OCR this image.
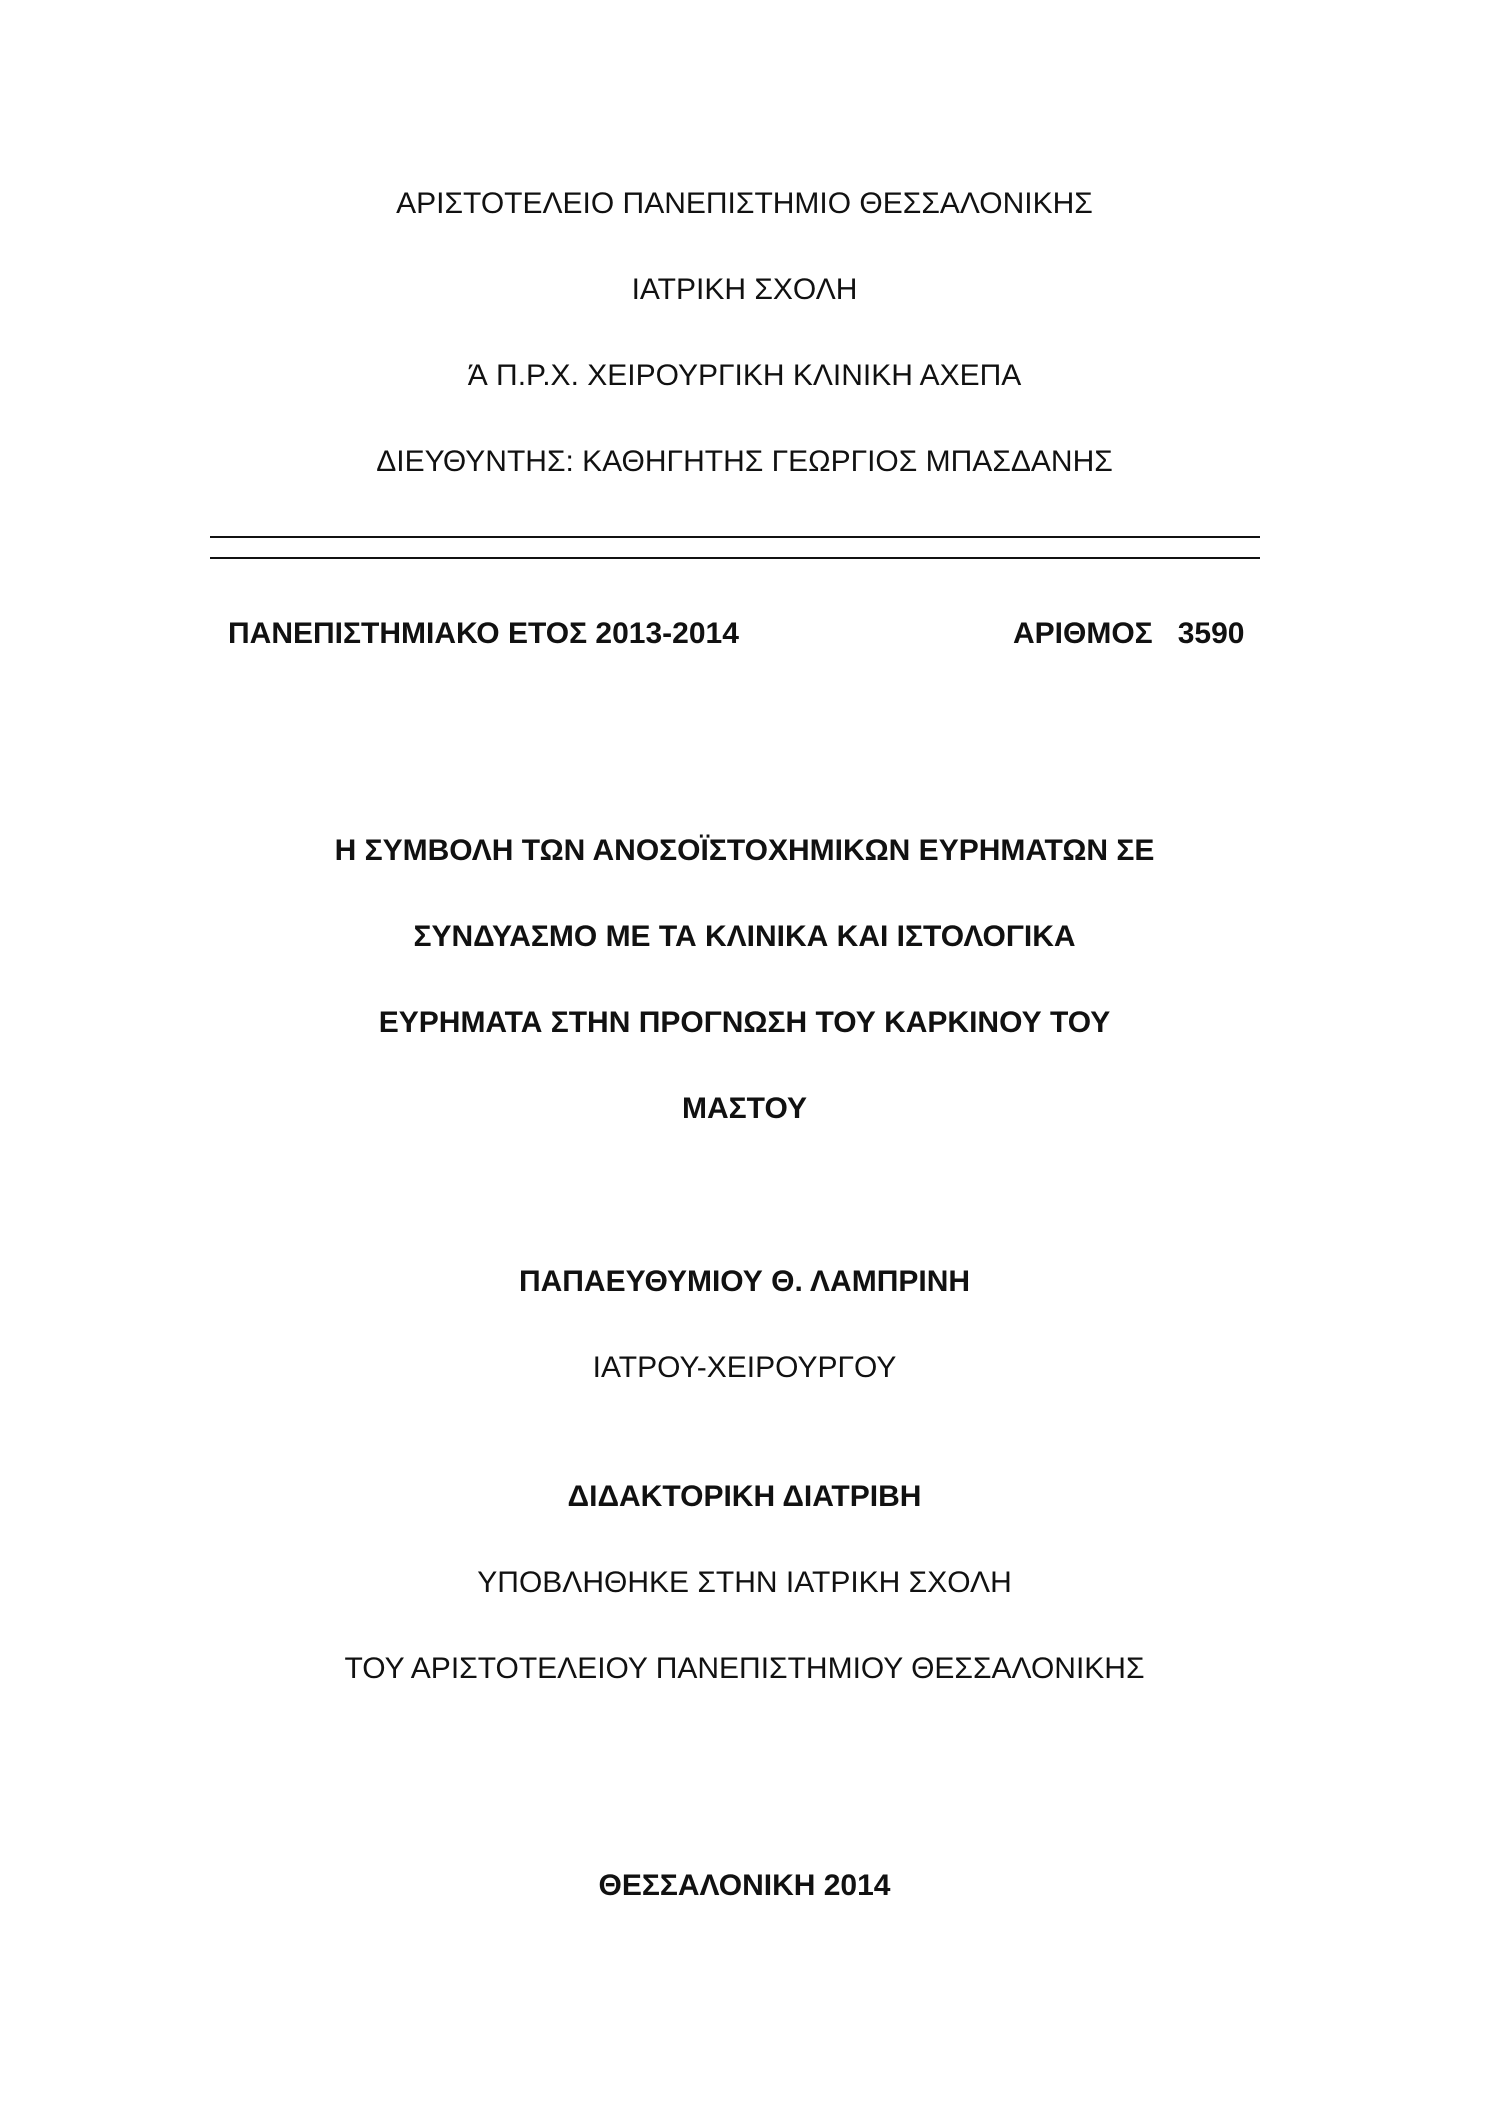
ΑΡΙΣΤΟΤΕΛΕΙΟ ΠΑΝΕΠΙΣΤΗΜΙΟ ΘΕΣΣΑΛΟΝΙΚΗΣ
ΙΑΤΡΙΚΗ ΣΧΟΛΗ
Ά Π.Ρ.Χ. ΧΕΙΡΟΥΡΓΙΚΗ ΚΛΙΝΙΚΗ ΑΧΕΠΑ
ΔΙΕΥΘΥΝΤΗΣ: ΚΑΘΗΓΗΤΗΣ ΓΕΩΡΓΙΟΣ ΜΠΑΣΔΑΝΗΣ
ΠΑΝΕΠΙΣΤΗΜΙΑΚΟ ΕΤΟΣ 2013-2014	ΑΡΙΘΜΟΣ 3590
Η ΣΥΜΒΟΛΗ ΤΩΝ ΑΝΟΣΟΪΣΤΟΧΗΜΙΚΩΝ ΕΥΡΗΜΑΤΩΝ ΣΕ
ΣΥΝΔΥΑΣΜΟ ΜΕ ΤΑ ΚΛΙΝΙΚΑ ΚΑΙ ΙΣΤΟΛΟΓΙΚΑ
ΕΥΡΗΜΑΤΑ ΣΤΗΝ ΠΡΟΓΝΩΣΗ ΤΟΥ ΚΑΡΚΙΝΟΥ ΤΟΥ
ΜΑΣΤΟΥ
ΠΑΠΑΕΥΘΥΜΙΟΥ Θ. ΛΑΜΠΡΙΝΗ
ΙΑΤΡΟΥ-ΧΕΙΡΟΥΡΓΟΥ
ΔΙΔΑΚΤΟΡΙΚΗ ΔΙΑΤΡΙΒΗ
ΥΠΟΒΛΗΘΗΚΕ ΣΤΗΝ ΙΑΤΡΙΚΗ ΣΧΟΛΗ
ΤΟΥ ΑΡΙΣΤΟΤΕΛΕΙΟΥ ΠΑΝΕΠΙΣΤΗΜΙΟΥ ΘΕΣΣΑΛΟΝΙΚΗΣ
ΘΕΣΣΑΛΟΝΙΚΗ 2014
